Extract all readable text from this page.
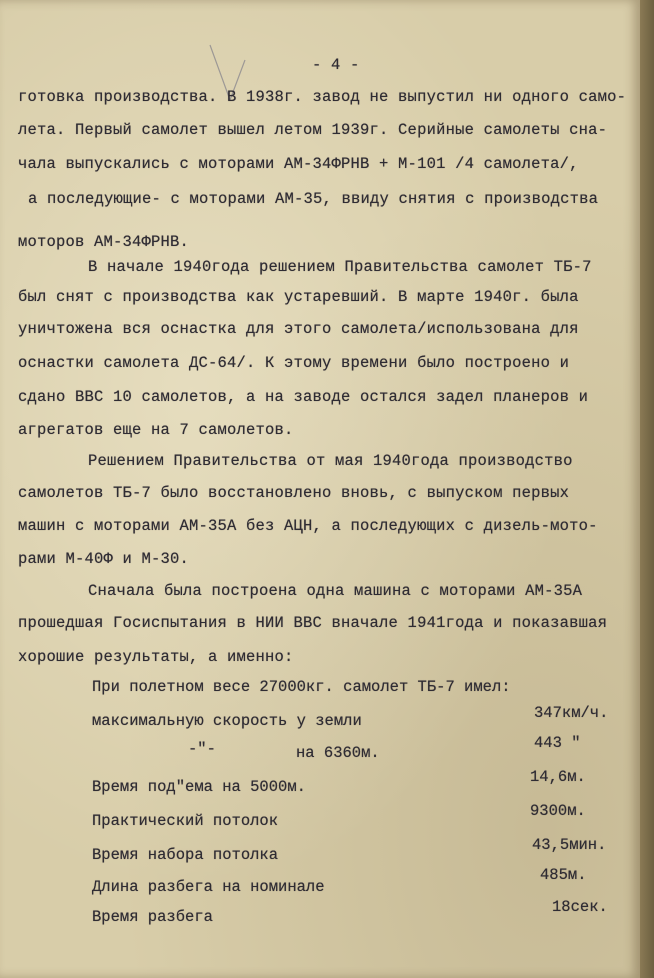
- 4 -
готовка производства. В 1938г. завод не выпустил ни одного само-
лета. Первый самолет вышел летом 1939г. Серийные самолеты сна-
чала выпускались с моторами АМ-34ФРНВ + М-101 /4 самолета/,
а последующие- с моторами АМ-35, ввиду снятия с производства
моторов АМ-34ФРНВ.
В начале 1940года решением Правительства самолет ТБ-7
был снят с производства как устаревший. В марте 1940г. была
уничтожена вся оснастка для этого самолета/использована для
оснастки самолета ДС-64/. К этому времени было построено и
сдано ВВС 10 самолетов, а на заводе остался задел планеров и
агрегатов еще на 7 самолетов.
Решением Правительства от мая 1940года производство
самолетов ТБ-7 было восстановлено вновь, с выпуском первых
машин с моторами АМ-35А без АЦН, а последующих с дизель-мото-
рами М-40Ф и М-30.
Сначала была построена одна машина с моторами АМ-35А
прошедшая Госиспытания в НИИ ВВС вначале 1941года и показавшая
хорошие результаты, а именно:
При полетном весе 27000кг. самолет ТБ-7 имел:
максимальную скорость у земли	347км/ч.
-"-	на 6360м.
443 "
Время под"ема на 5000м.
14,6м.
Практический потолок
9300м.
Время набора потолка
43,5мин.
Длина разбега на номинале
485м.
Время разбега
18сек.
